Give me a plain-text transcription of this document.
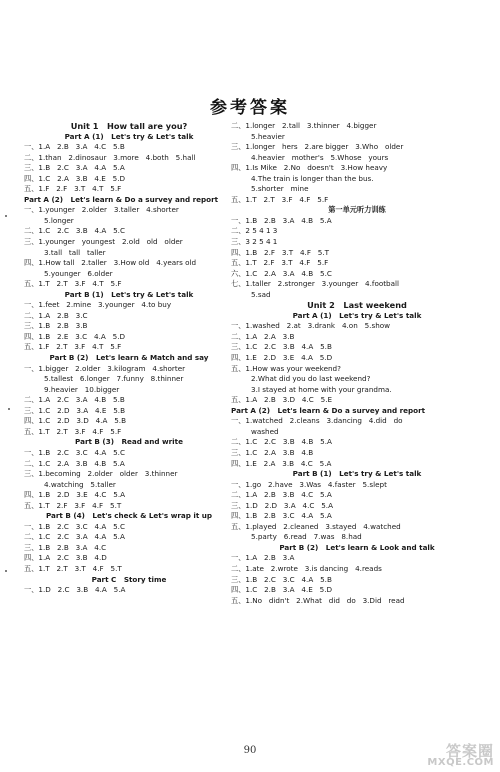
参考答案
Unit 1   How tall are you?
Part A (1)   Let's try & Let's talk
一、1.A   2.B   3.A   4.C   5.B
二、1.than   2.dinosaur   3.more   4.both   5.hall
三、1.B   2.C   3.A   4.A   5.A
四、1.C   2.A   3.B   4.E   5.D
五、1.F   2.F   3.T   4.T   5.F
Part A (2)   Let's learn & Do a survey and report
一、1.younger   2.older   3.taller   4.shorter
5.longer
二、1.C   2.C   3.B   4.A   5.C
三、1.younger   youngest   2.old   old   older
3.tall   tall   taller
四、1.How tall   2.taller   3.How old   4.years old
5.younger   6.older
五、1.T   2.T   3.F   4.T   5.F
Part B (1)   Let's try & Let's talk
一、1.feet   2.mine   3.younger   4.to buy
二、1.A   2.B   3.C
三、1.B   2.B   3.B
四、1.B   2.E   3.C   4.A   5.D
五、1.F   2.T   3.F   4.T   5.F
Part B (2)   Let's learn & Match and say
一、1.bigger   2.older   3.kilogram   4.shorter
5.tallest   6.longer   7.funny   8.thinner
9.heavier   10.bigger
二、1.A   2.C   3.A   4.B   5.B
三、1.C   2.D   3.A   4.E   5.B
四、1.C   2.D   3.D   4.A   5.B
五、1.T   2.T   3.F   4.F   5.F
Part B (3)   Read and write
一、1.B   2.C   3.C   4.A   5.C
二、1.C   2.A   3.B   4.B   5.A
三、1.becoming   2.older   older   3.thinner
4.watching   5.taller
四、1.B   2.D   3.E   4.C   5.A
五、1.T   2.F   3.F   4.F   5.T
Part B (4)   Let's check & Let's wrap it up
一、1.B   2.C   3.C   4.A   5.C
二、1.C   2.C   3.A   4.A   5.A
三、1.B   2.B   3.A   4.C
四、1.A   2.C   3.B   4.D
五、1.T   2.T   3.T   4.F   5.T
Part C   Story time
一、1.D   2.C   3.B   4.A   5.A
二、1.longer   2.tall   3.thinner   4.bigger
5.heavier
三、1.longer   hers   2.are bigger   3.Who   older
4.heavier   mother's   5.Whose   yours
四、1.Is Mike   2.No   doesn't   3.How heavy
4.The train is longer than the bus.
5.shorter   mine
五、1.T   2.T   3.F   4.F   5.F
第一单元听力训练
一、1.B   2.B   3.A   4.B   5.A
二、2 5 4 1 3
三、3 2 5 4 1
四、1.B   2.F   3.T   4.F   5.T
五、1.T   2.F   3.T   4.F   5.F
六、1.C   2.A   3.A   4.B   5.C
七、1.taller   2.stronger   3.younger   4.football
5.sad
Unit 2   Last weekend
Part A (1)   Let's try & Let's talk
一、1.washed   2.at   3.drank   4.on   5.show
二、1.A   2.A   3.B
三、1.C   2.C   3.B   4.A   5.B
四、1.E   2.D   3.E   4.A   5.D
五、1.How was your weekend?
2.What did you do last weekend?
3.I stayed at home with your grandma.
五、1.A   2.B   3.D   4.C   5.E
Part A (2)   Let's learn & Do a survey and report
一、1.watched   2.cleans   3.dancing   4.did   do
washed
二、1.C   2.C   3.B   4.B   5.A
三、1.C   2.A   3.B   4.B
四、1.E   2.A   3.B   4.C   5.A
Part B (1)   Let's try & Let's talk
一、1.go   2.have   3.Was   4.faster   5.slept
二、1.A   2.B   3.B   4.C   5.A
三、1.D   2.D   3.A   4.C   5.A
四、1.B   2.B   3.C   4.A   5.A
五、1.played   2.cleaned   3.stayed   4.watched
5.party   6.read   7.was   8.had
Part B (2)   Let's learn & Look and talk
一、1.A   2.B   3.A
二、1.ate   2.wrote   3.is dancing   4.reads
三、1.B   2.C   3.C   4.A   5.B
四、1.C   2.B   3.A   4.E   5.D
五、1.No   didn't   2.What   did   do   3.Did   read
90	答案圈
MXQE.COM
